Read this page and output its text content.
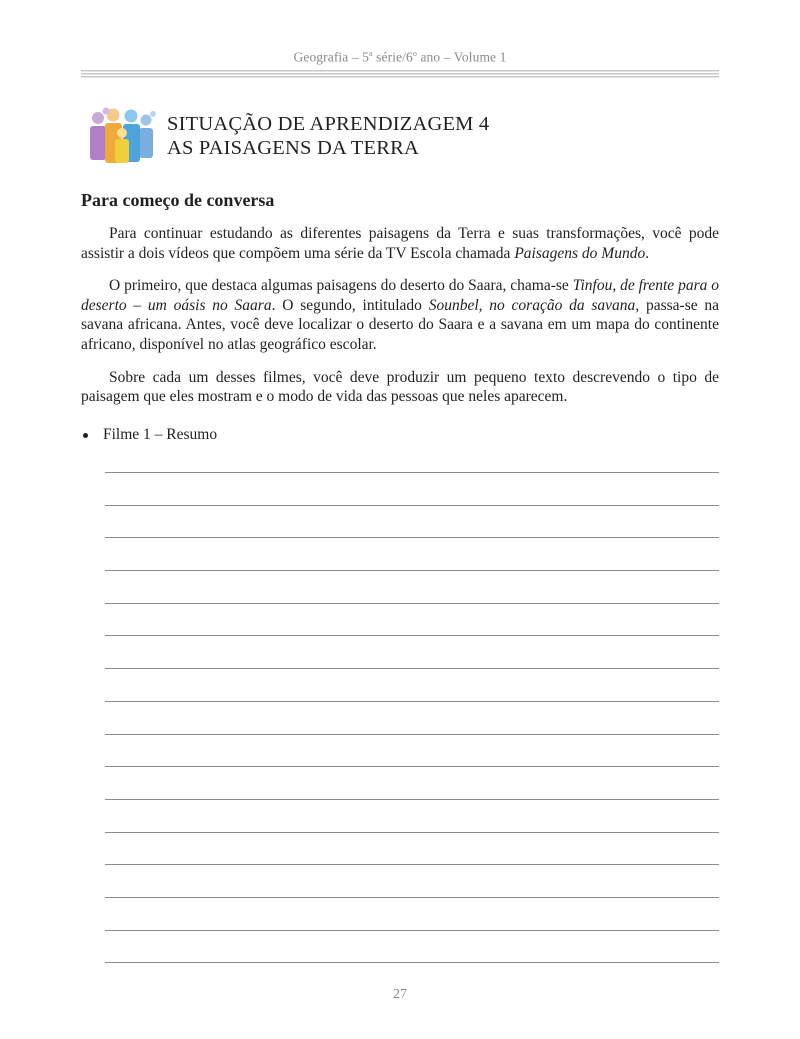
Geografia – 5$^a$ série/6$^o$ ano – Volume 1
SITUAÇÃO DE APRENDIZAGEM 4
AS PAISAGENS DA TERRA
Para começo de conversa

Para continuar estudando as diferentes paisagens da Terra e suas transformações, você pode assistir a dois vídeos que compõem uma série da TV Escola chamada Paisagens do Mundo.

O primeiro, que destaca algumas paisagens do deserto do Saara, chama-se Tinfou, de frente para o deserto – um oásis no Saara. O segundo, intitulado Sounbel, no coração da savana, passa-se na savana africana. Antes, você deve localizar o deserto do Saara e a savana em um mapa do continente africano, disponível no atlas geográfico escolar.

Sobre cada um desses filmes, você deve produzir um pequeno texto descrevendo o tipo de paisagem que eles mostram e o modo de vida das pessoas que neles aparecem.

Filme 1 – Resumo
27
